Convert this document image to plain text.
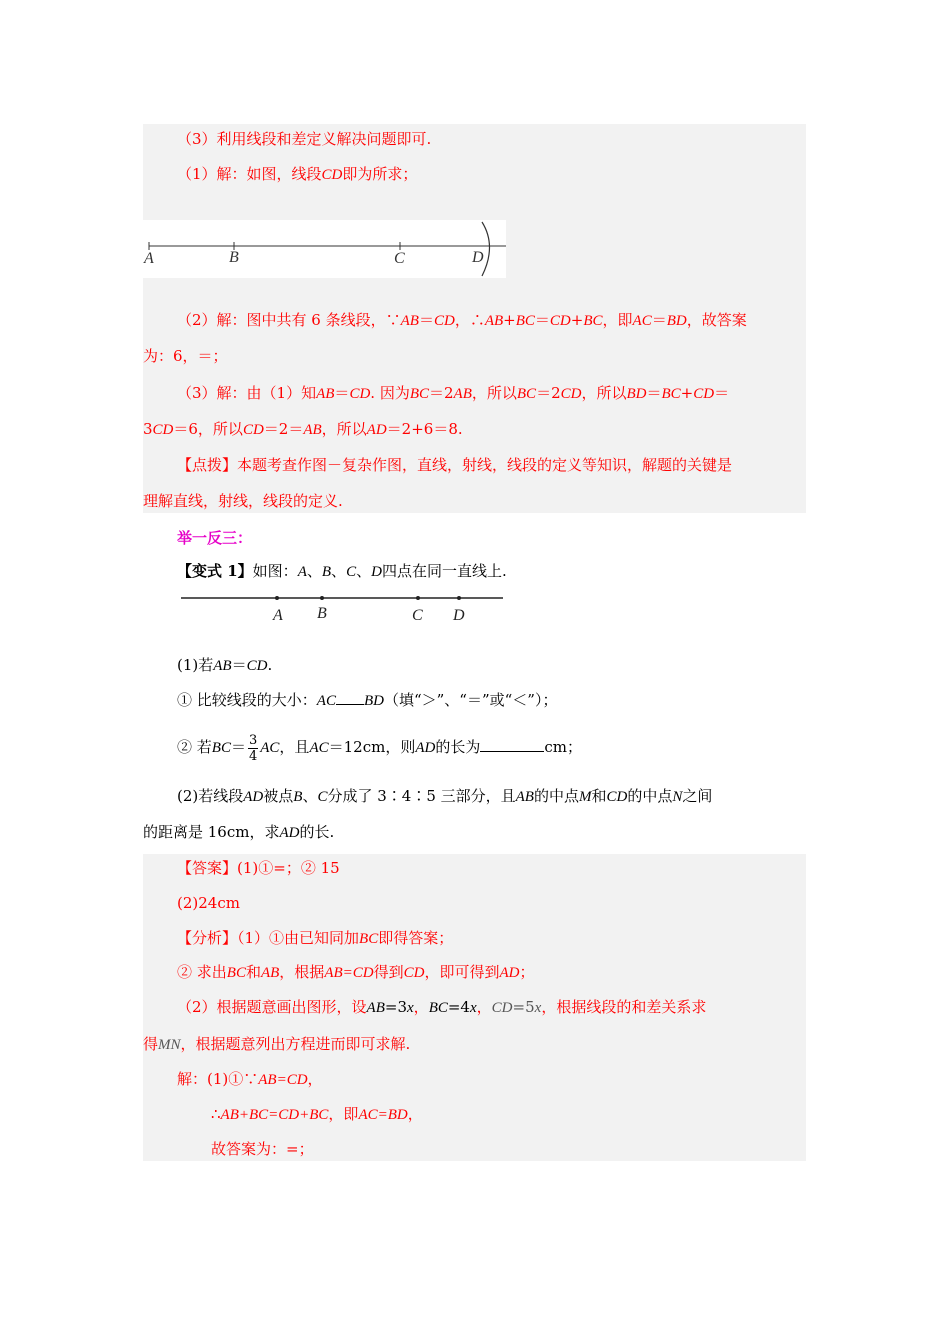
（3）利用线段和差定义解决问题即可.
（1）解：如图，线段CD即为所求；
A	B	C	D
（2）解：图中共有 6 条线段，∵AB＝CD，∴AB+BC＝CD+BC，即AC＝BD，故答案
为：6，＝；
（3）解：由（1）知AB＝CD. 因为BC＝2AB，所以BC＝2CD，所以BD＝BC+CD＝
3CD＝6，所以CD＝2＝AB，所以AD＝2+6＝8.
【点拨】本题考查作图－复杂作图，直线，射线，线段的定义等知识，解题的关键是
理解直线，射线，线段的定义.
举一反三：
【变式 1】如图：A、B、C、D四点在同一直线上.
A B	C D
(1)若AB＝CD.
① 比较线段的大小：AC BD（填“＞”、“＝”或“＜”）；
② 若$BC= \frac{3}{4}$ AC，且AC＝12cm，则AD的长为	cm；
(2)若线段AD被点B、C分成了 3∶4∶5 三部分，且AB的中点M和CD的中点N之间
的距离是 16cm，求AD的长.
【答案】(1)①=；② 15
(2)24cm
【分析】（1）①由已知同加BC即得答案；
② 求出BC和AB，根据AB=CD得到CD，即可得到AD；
（2）根据题意画出图形，设AB=3x，BC=4x，CD=5x，根据线段的和差关系求
得MN，根据题意列出方程进而即可求解.
解：(1)①∵AB=CD，
∴AB+BC=CD+BC，即AC=BD，
故答案为：=；
